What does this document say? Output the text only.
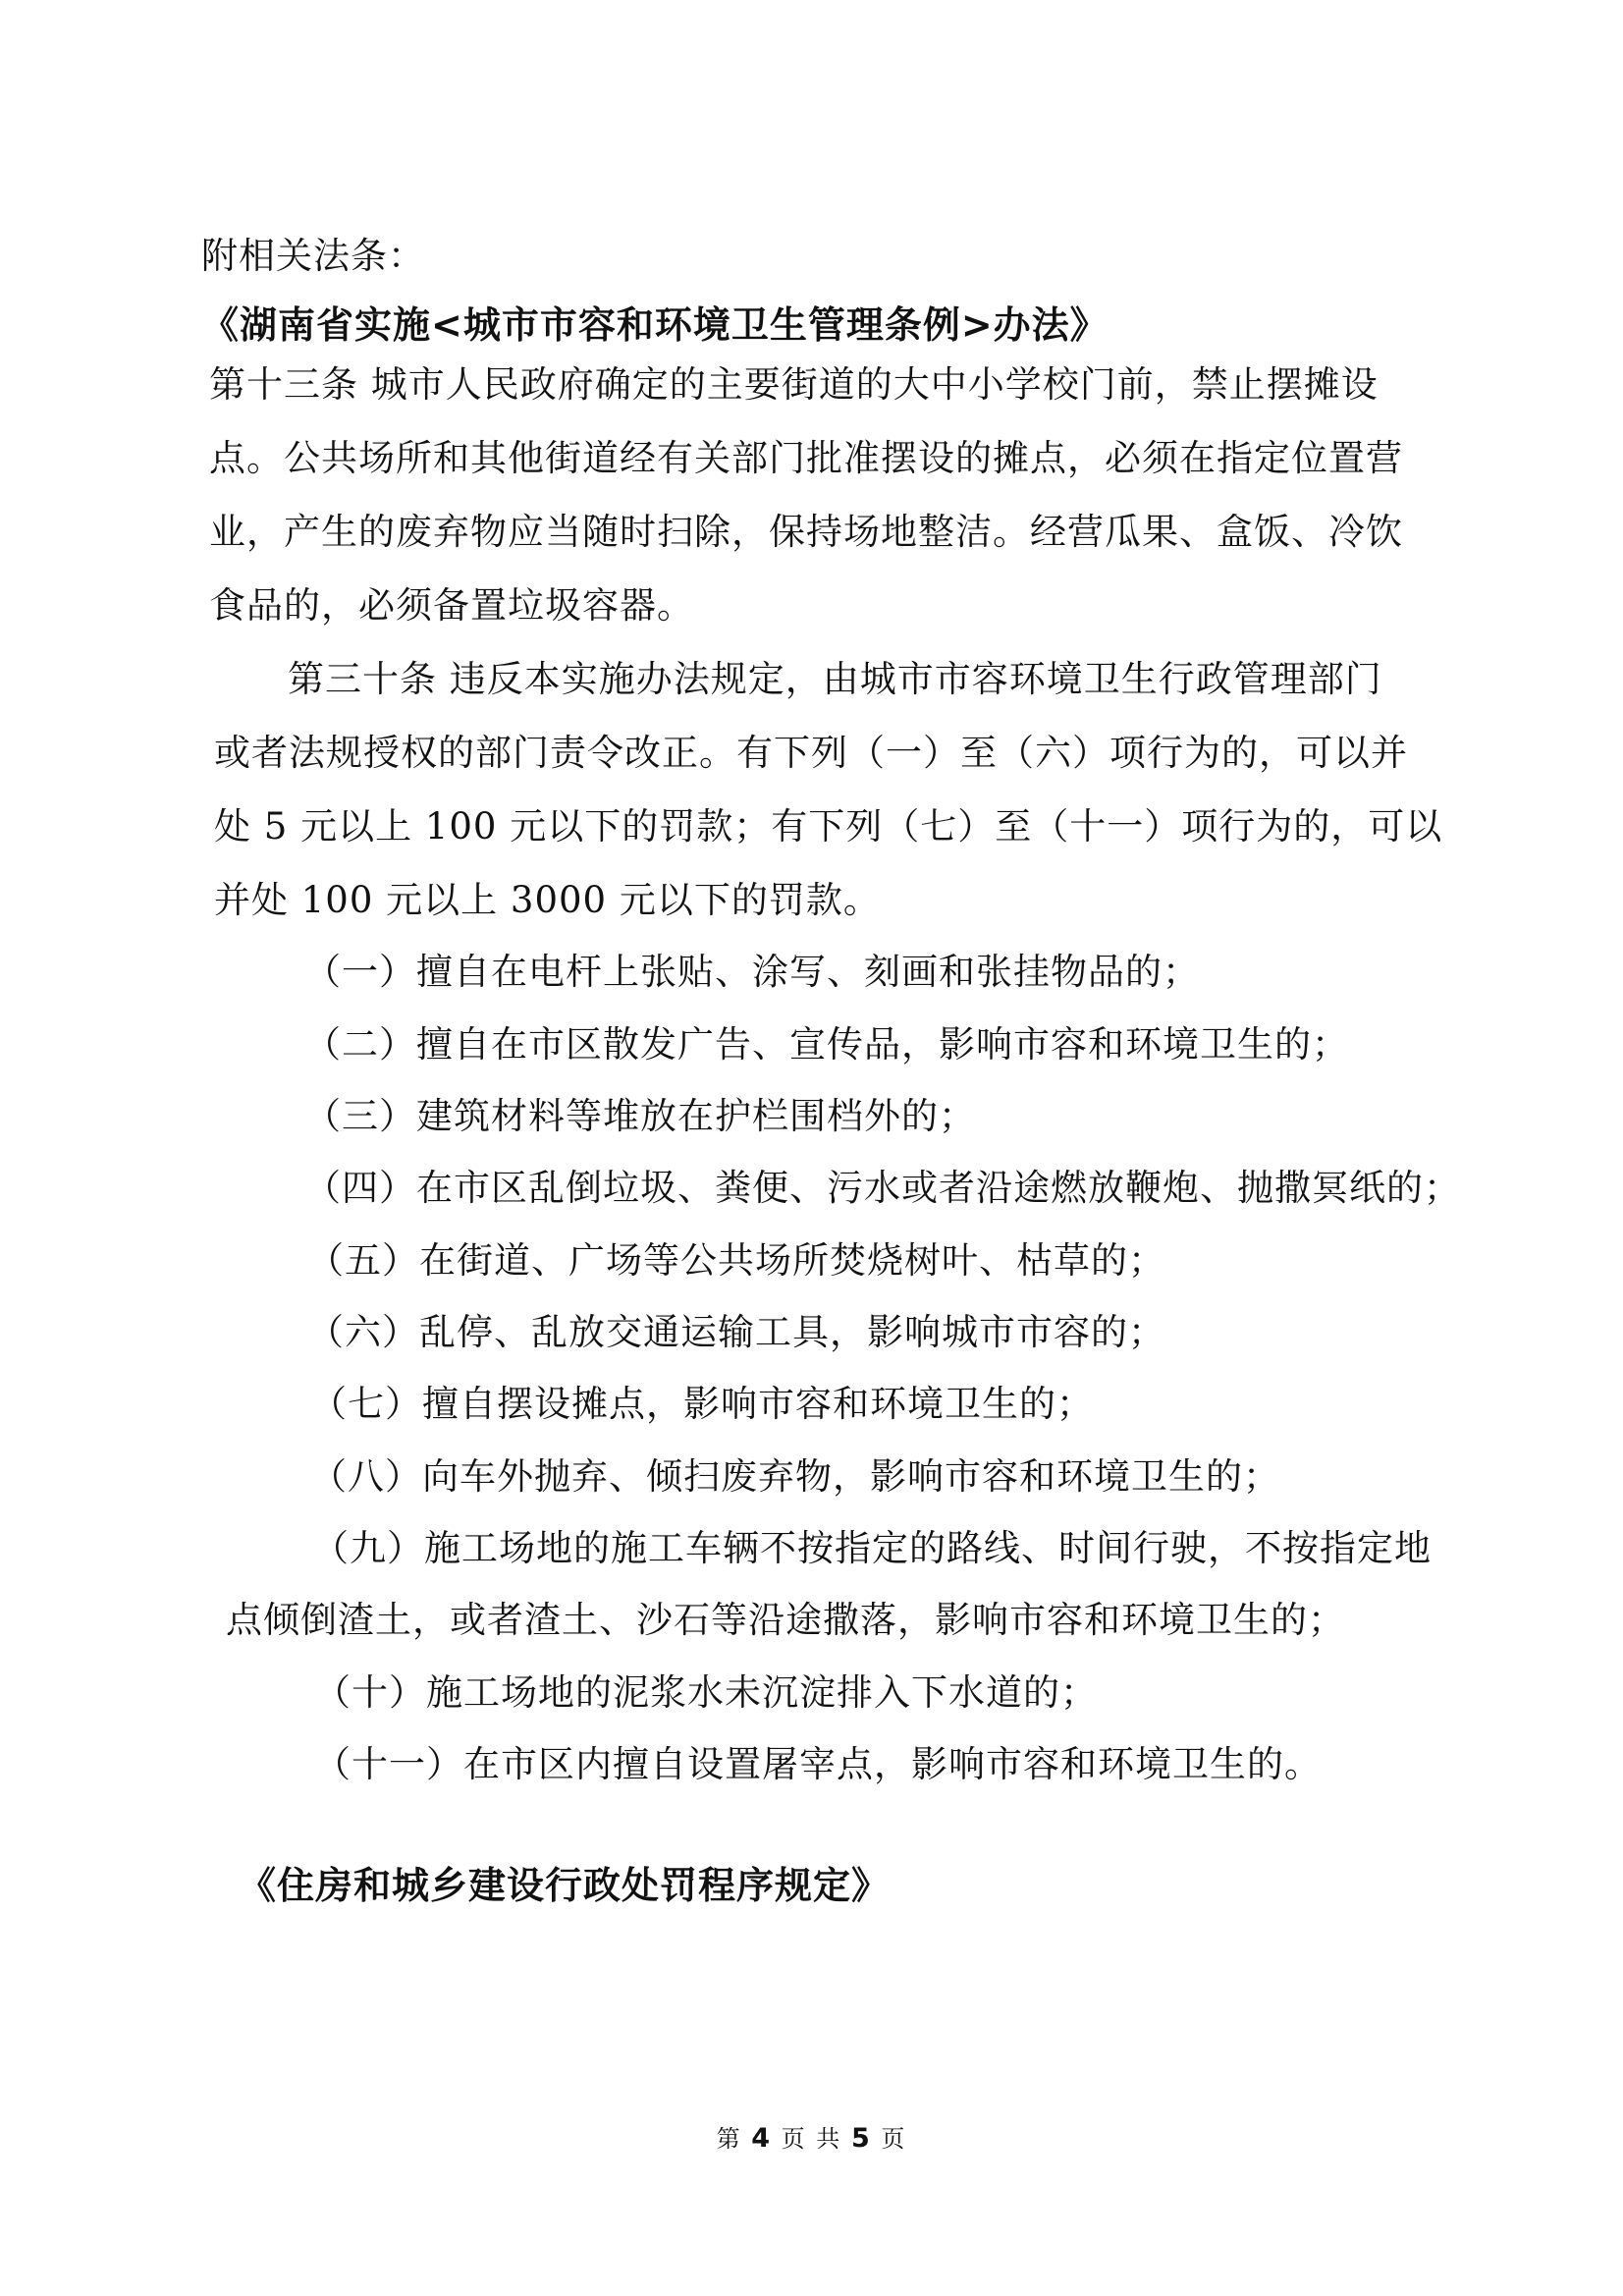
附相关法条：
《湖南省实施<城市市容和环境卫生管理条例>办法》
第十三条 城市人民政府确定的主要街道的大中小学校门前，禁止摆摊设
点。公共场所和其他街道经有关部门批准摆设的摊点，必须在指定位置营
业，产生的废弃物应当随时扫除，保持场地整洁。经营瓜果、盒饭、冷饮
食品的，必须备置垃圾容器。
第三十条 违反本实施办法规定，由城市市容环境卫生行政管理部门
或者法规授权的部门责令改正。有下列（一）至（六）项行为的，可以并
处 5 元以上 100 元以下的罚款；有下列（七）至（十一）项行为的，可以
并处 100 元以上 3000 元以下的罚款。
（一）擅自在电杆上张贴、涂写、刻画和张挂物品的；
（二）擅自在市区散发广告、宣传品，影响市容和环境卫生的；
（三）建筑材料等堆放在护栏围档外的；
（四）在市区乱倒垃圾、粪便、污水或者沿途燃放鞭炮、抛撒冥纸的；
（五）在街道、广场等公共场所焚烧树叶、枯草的；
（六）乱停、乱放交通运输工具，影响城市市容的；
（七）擅自摆设摊点，影响市容和环境卫生的；
（八）向车外抛弃、倾扫废弃物，影响市容和环境卫生的；
（九）施工场地的施工车辆不按指定的路线、时间行驶，不按指定地
点倾倒渣土，或者渣土、沙石等沿途撒落，影响市容和环境卫生的；
（十）施工场地的泥浆水未沉淀排入下水道的；
（十一）在市区内擅自设置屠宰点，影响市容和环境卫生的。
《住房和城乡建设行政处罚程序规定》
第 4 页 共 5 页
